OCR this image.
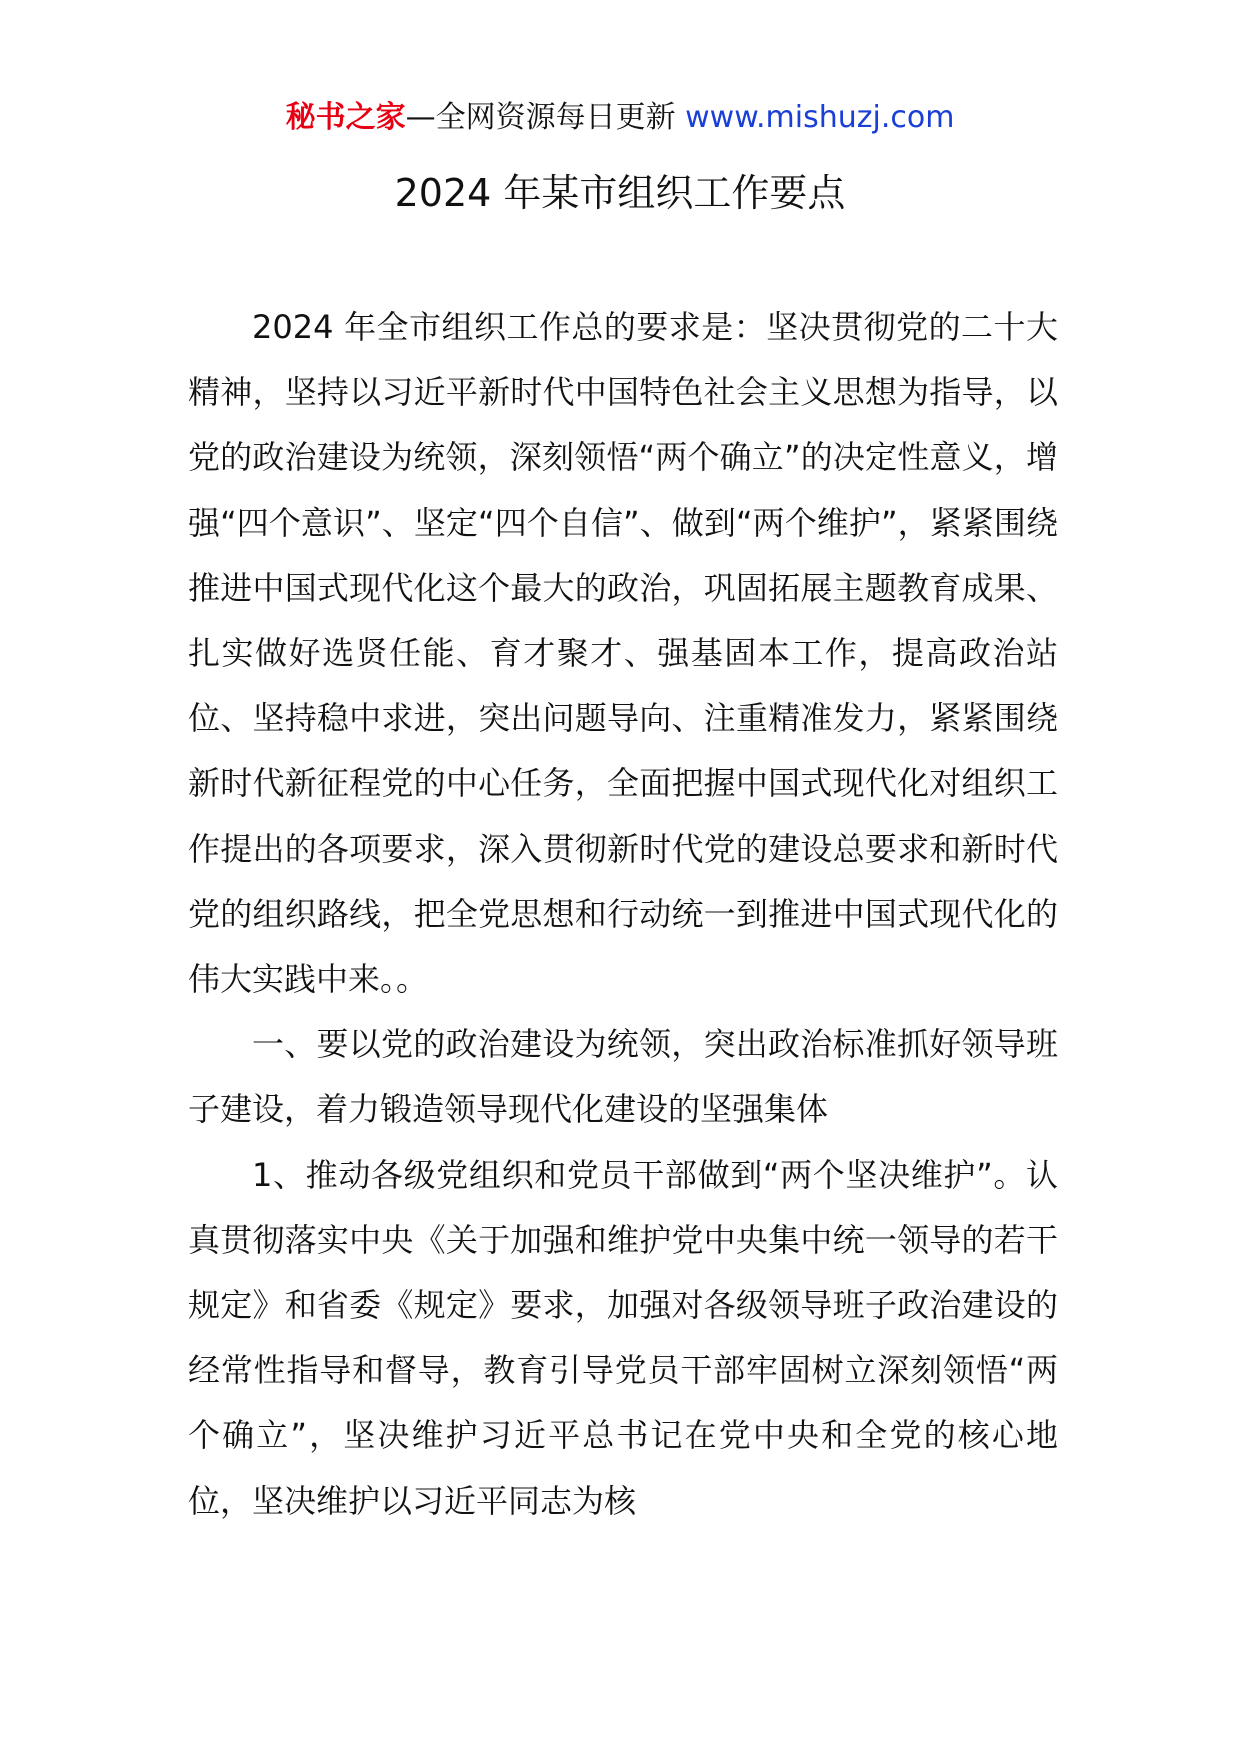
秘书之家—全网资源每日更新 www.mishuzj.com
2024 年某市组织工作要点

2024 年全市组织工作总的要求是：坚决贯彻党的二十大精神，坚持以习近平新时代中国特色社会主义思想为指导，以党的政治建设为统领，深刻领悟“两个确立”的决定性意义，增强“四个意识”、坚定“四个自信”、做到“两个维护”，紧紧围绕推进中国式现代化这个最大的政治，巩固拓展主题教育成果、扎实做好选贤任能、育才聚才、强基固本工作，提高政治站位、坚持稳中求进，突出问题导向、注重精准发力，紧紧围绕新时代新征程党的中心任务，全面把握中国式现代化对组织工作提出的各项要求，深入贯彻新时代党的建设总要求和新时代党的组织路线，把全党思想和行动统一到推进中国式现代化的伟大实践中来。。

一、要以党的政治建设为统领，突出政治标准抓好领导班子建设，着力锻造领导现代化建设的坚强集体

1、推动各级党组织和党员干部做到“两个坚决维护”。认真贯彻落实中央《关于加强和维护党中央集中统一领导的若干规定》和省委《规定》要求，加强对各级领导班子政治建设的经常性指导和督导，教育引导党员干部牢固树立深刻领悟“两个确立”，坚决维护习近平总书记在党中央和全党的核心地位，坚决维护以习近平同志为核
